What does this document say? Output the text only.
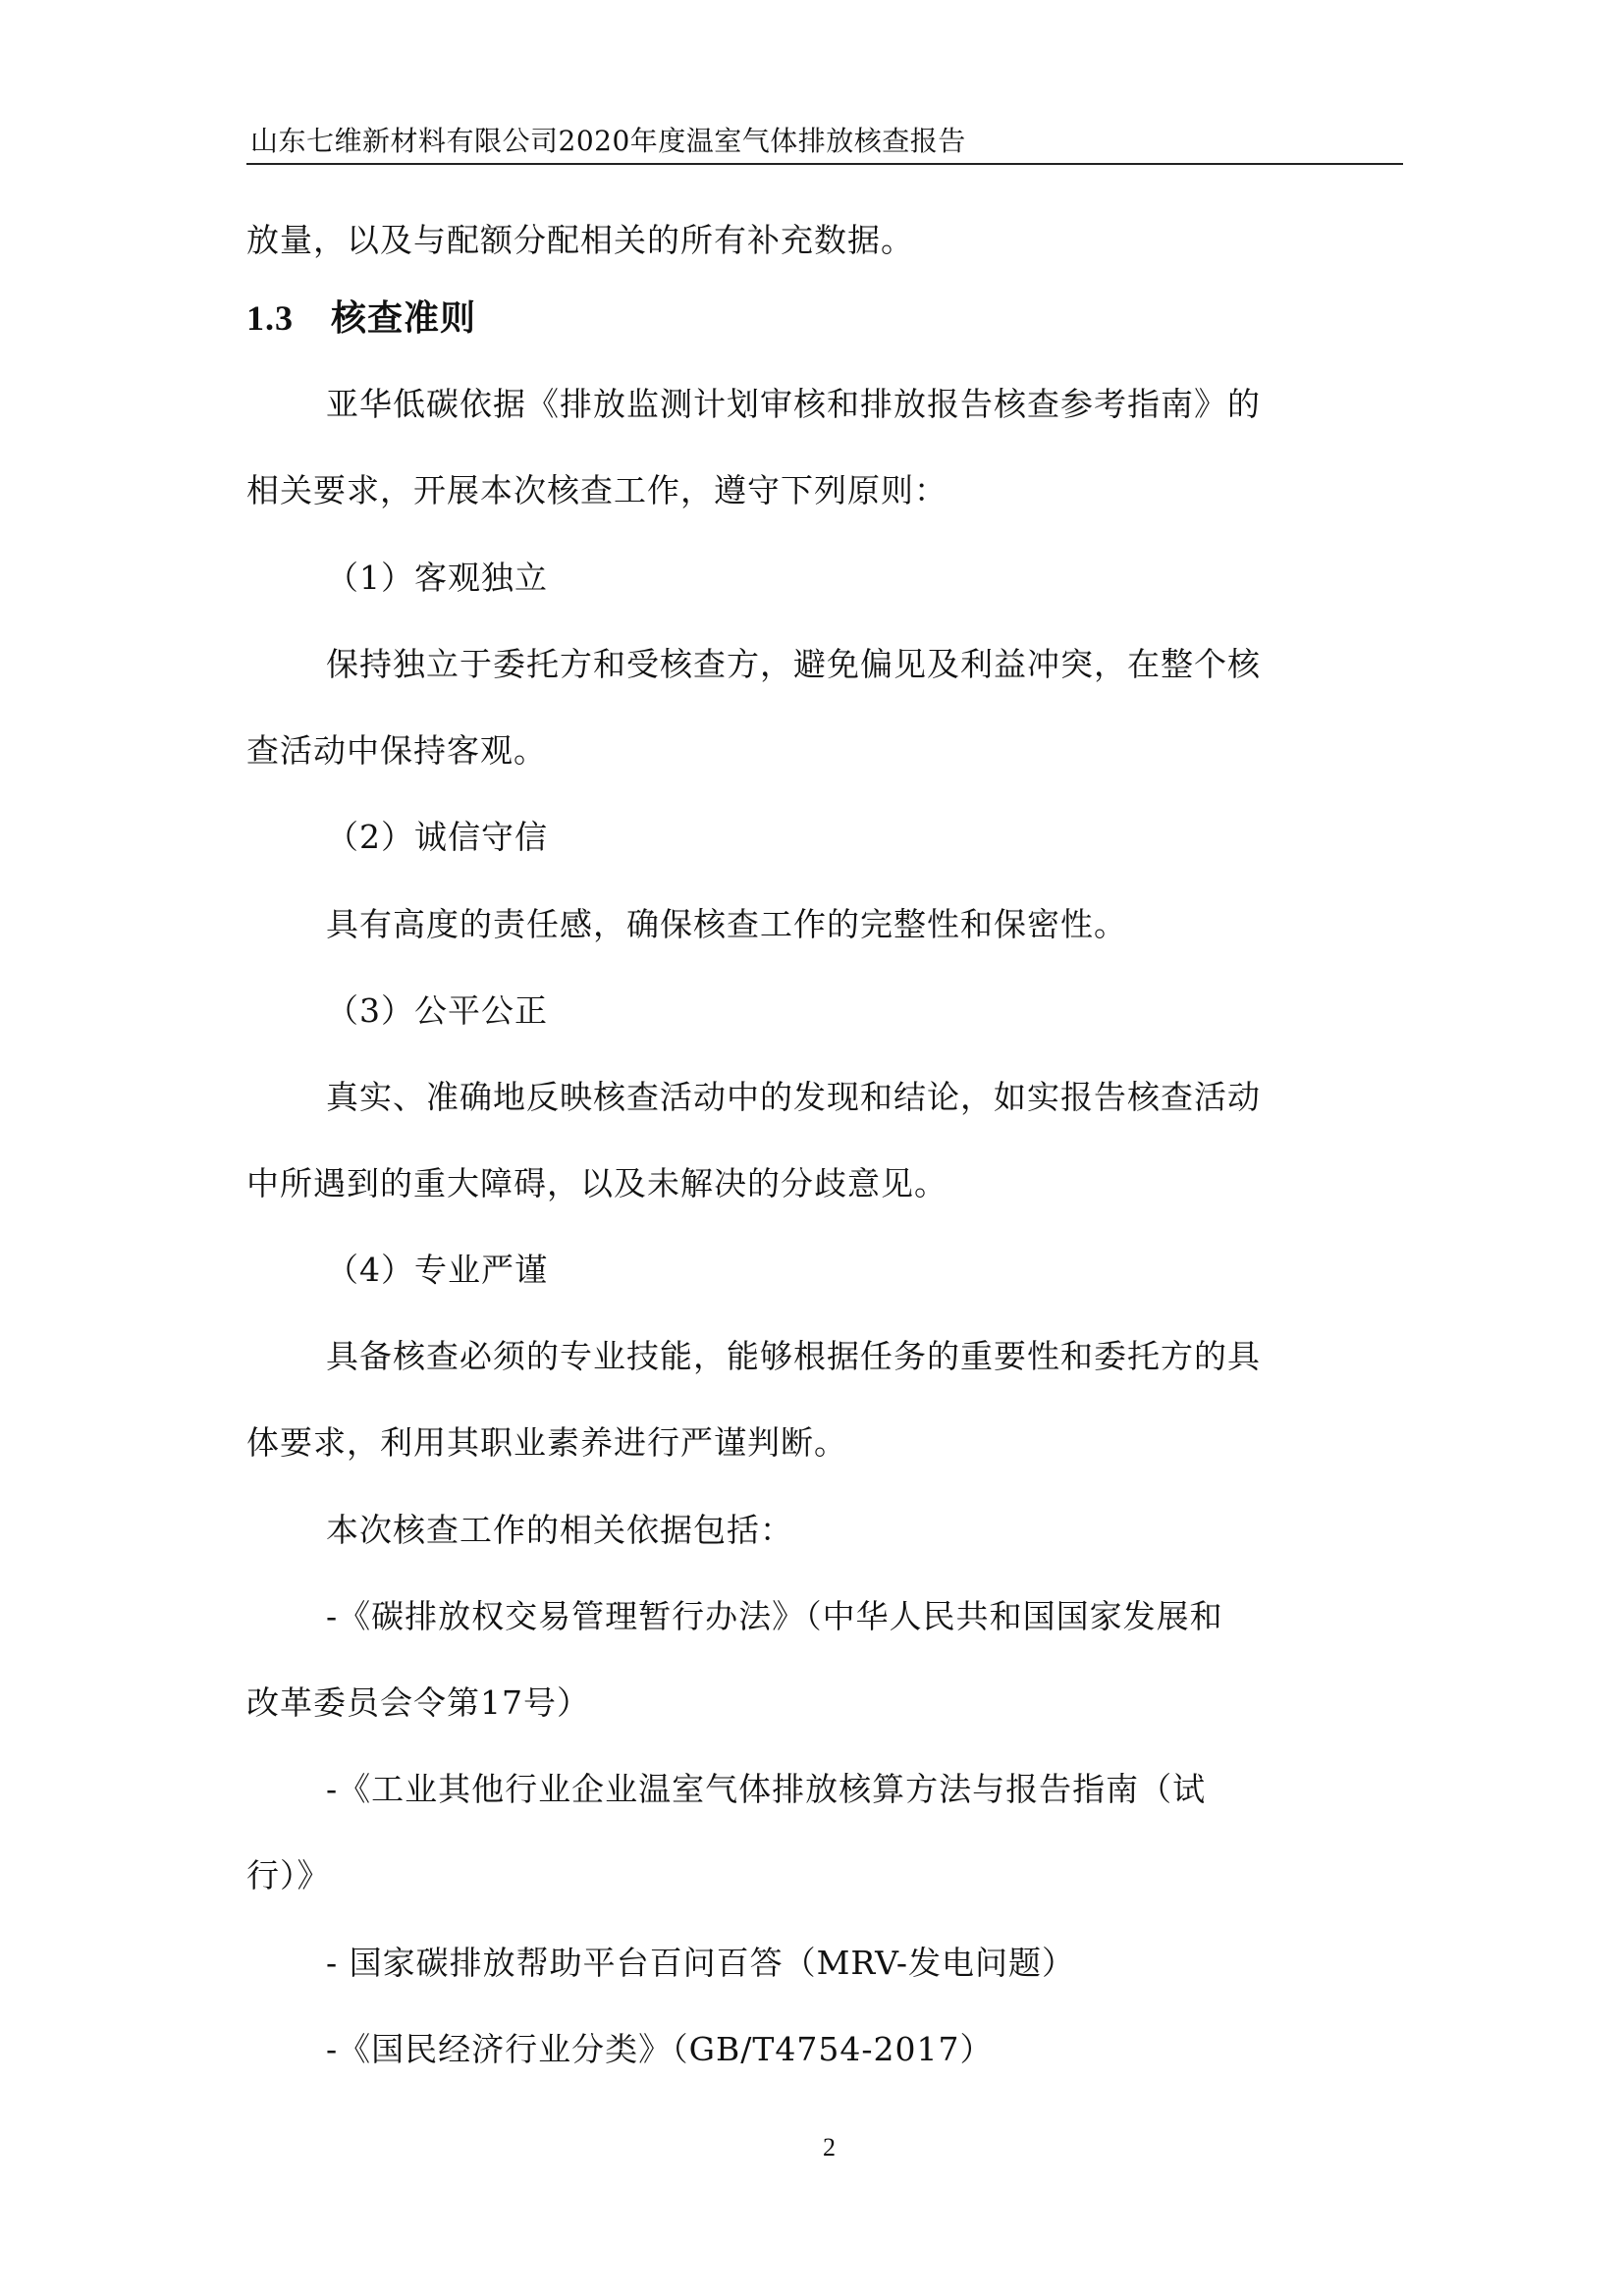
山东七维新材料有限公司2020年度温室气体排放核查报告
放量，以及与配额分配相关的所有补充数据。
1.3 核查准则
亚华低碳依据《排放监测计划审核和排放报告核查参考指南》的
相关要求，开展本次核查工作，遵守下列原则：
（1）客观独立
保持独立于委托方和受核查方，避免偏见及利益冲突，在整个核
查活动中保持客观。
（2）诚信守信
具有高度的责任感，确保核查工作的完整性和保密性。
（3）公平公正
真实、准确地反映核查活动中的发现和结论，如实报告核查活动
中所遇到的重大障碍，以及未解决的分歧意见。
（4）专业严谨
具备核查必须的专业技能，能够根据任务的重要性和委托方的具
体要求，利用其职业素养进行严谨判断。
本次核查工作的相关依据包括：
-《碳排放权交易管理暂行办法》（中华人民共和国国家发展和
改革委员会令第17号）
-《工业其他行业企业温室气体排放核算方法与报告指南（试
行）》
- 国家碳排放帮助平台百问百答（MRV-发电问题）
-《国民经济行业分类》（GB/T4754-2017）
2
